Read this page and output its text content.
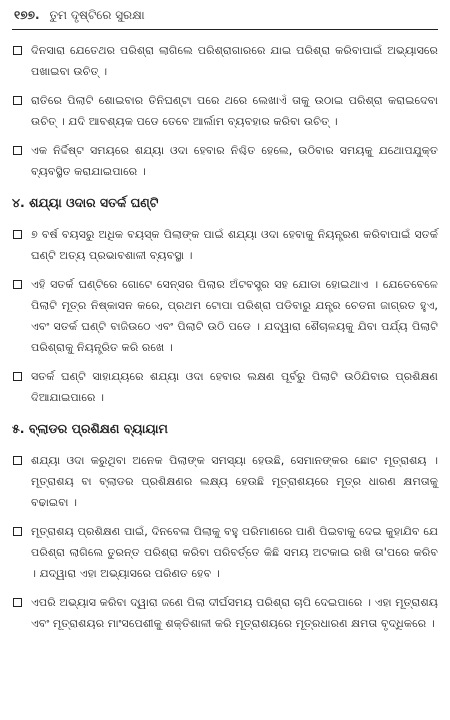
୧୭୭. ତୁମ ଦୃଷ୍ଟିରେ ସୁରକ୍ଷା
ଦିନସାରା ଯେତେଥର ପରିଶ୍ରା ଲାଗିଲେ ପରିଶ୍ରାଗାରରେ ଯାଇ ପରିଶ୍ରା କରିବାପାଇଁ ଅଭ୍ୟାସରେ ପଖାଇବା ଉଚିତ୍ ।
ରାତିରେ ପିଲାଟି ଶୋଇବାର ତିନିଘଣ୍ଟା ପରେ ଥରେ ଲେଖାଏଁ ତାକୁ ଉଠାଇ ପରିଶ୍ରା କରାଇଦେବା ଉଚିତ୍ । ଯଦି ଆବଶ୍ୟକ ପଡେ ତେବେ ଆର୍ଲାମ ବ୍ୟବହାର କରିବା ଉଚିତ୍ ।
ଏକ ନିର୍ଦ୍ଦିଷ୍ଟ ସମୟରେ ଶଯ୍ୟା ଓଦା ହେବାର ନିଶ୍ଚିତ ହେଲେ, ଉଠିବାର ସମୟକୁ ଯଥୋପଯୁକ୍ତ ବ୍ୟବସ୍ଥିତ କରାଯାଇପାରେ ।
୪. ଶଯ୍ୟା ଓଦାର ସତର୍କ ଘଣ୍ଟି
୭ ବର୍ଷ ବୟସରୁ ଅଧିକ ବୟସ୍କ ପିଲାଙ୍କ ପାଇଁ ଶଯ୍ୟା ଓଦା ହେବାକୁ ନିୟନ୍ତ୍ରଣ କରିବାପାଇଁ ସତର୍କ ଘଣ୍ଟି ଅତ୍ୟ ପ୍ରଭାବଶାଳୀ ବ୍ୟବସ୍ଥା ।
ଏହି ସତର୍କ ଘଣ୍ଟିରେ ଗୋଟେ ସେନ୍ସର ପିଲାର ଅଁଟବସ୍ତ୍ର ସହ ଯୋଡା ହୋଇଥାଏ । ଯେତେବେଳେ ପିଲାଟି ମୂତ୍ର ନିଷ୍କାସନ କରେ, ପ୍ରଥମ ଟୋପା ପରିଶ୍ରା ପଡିବାରୁ ଯନ୍ତ୍ର ଚେତନା ଜାଗ୍ରତ ହୁଏ, ଏବଂ ସତର୍କ ଘଣ୍ଟି ବାଜିଉଠେ ଏବଂ ପିଲାଟି ଉଠି ପଡେ । ଯଦ୍ୱାରା ଶୈଚାଳୟକୁ ଯିବା ପର୍ଯ୍ୟ ପିଲାଟି ପରିଶ୍ରାକୁ ନିୟନ୍ତ୍ରିତ କରି ରଖେ ।
ସତର୍କ ଘଣ୍ଟି ସାହାଯ୍ୟରେ ଶଯ୍ୟା ଓଦା ହେବାର ଲକ୍ଷଣ ପୂର୍ବରୁ ପିଲାଟି ଉଠିଯିବାର ପ୍ରଶିକ୍ଷଣ ଦିଆଯାଇପାରେ ।
୫. ବ୍ଲାଡର ପ୍ରଶିକ୍ଷଣ ବ୍ୟାୟାମ
ଶଯ୍ୟା ଓଦା କରୁଥିବା ଅନେକ ପିଲାଙ୍କ ସମସ୍ୟା ହେଉଛି, ସେମାନଙ୍କର ଛୋଟ ମୂତ୍ରାଶୟ । ମୂତ୍ରାଶୟ ବା ବ୍ଲାଡର ପ୍ରଶିକ୍ଷଣର ଲକ୍ଷ୍ୟ ହେଉଛି ମୂତ୍ରାଶୟରେ ମୂତ୍ର ଧାରଣ କ୍ଷମତାକୁ ବଢାଇବା ।
ମୂତ୍ରାଶୟ ପ୍ରଶିକ୍ଷଣ ପାଇଁ, ଦିନବେଳା ପିଲାକୁ ବହୁ ପରିମାଣରେ ପାଣି ପିଇବାକୁ ଦେଇ କୁହାଯିବ ଯେ ପରିଶ୍ରା ଲାଗିଲେ ତୁରନ୍ତ ପରିଶ୍ରା କରିବା ପରିବର୍ତ୍ତେ କିଛି ସମୟ ଅଟକାଇ ରଖି ତା'ପରେ କରିବ । ଯଦ୍ୱାରା ଏହା ଅଭ୍ୟାସରେ ପରିଣତ ହେବ ।
ଏପରି ଅଭ୍ୟାସ କରିବା ଦ୍ୱାରା ଜଣେ ପିଲା ଦୀର୍ଘସମୟ ପରିଶ୍ରା ଚାପି ଦେଇପାରେ । ଏହା ମୂତ୍ରାଶୟ ଏବଂ ମୂତ୍ରାଶୟର ମାଂସପେଶୀକୁ ଶକ୍ତିଶାଳୀ କରି ମୂତ୍ରାଶୟରେ ମୂତ୍ରଧାରଣ କ୍ଷମତା ବୃଦ୍ଧିକରେ ।
